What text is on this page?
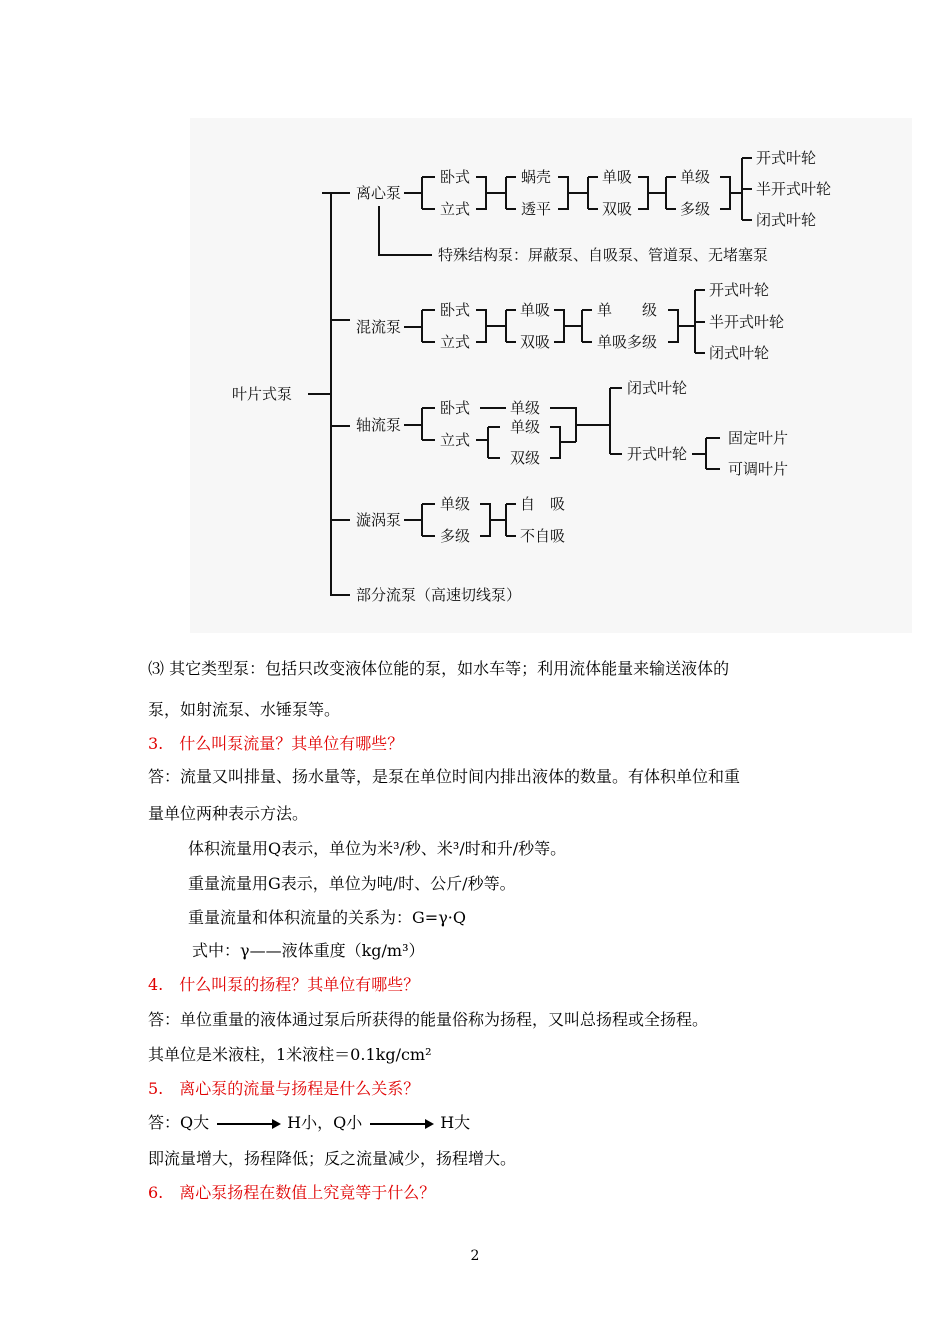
叶片式泵
离心泵
卧式
立式
蜗壳
透平
单吸
双吸
单级
多级
开式叶轮
半开式叶轮
闭式叶轮
特殊结构泵：屏蔽泵、自吸泵、管道泵、无堵塞泵
混流泵
卧式
立式
单吸
双吸
单　　级
单吸多级
开式叶轮
半开式叶轮
闭式叶轮
轴流泵
卧式
立式
单级
单级
双级
闭式叶轮
开式叶轮
固定叶片
可调叶片
漩涡泵
单级
多级
自　吸
不自吸
部分流泵（高速切线泵）

⑶ 其它类型泵：包括只改变液体位能的泵，如水车等；利用流体能量来输送液体的

泵，如射流泵、水锤泵等。

3.　什么叫泵流量？其单位有哪些？

答：流量又叫排量、扬水量等，是泵在单位时间内排出液体的数量。有体积单位和重

量单位两种表示方法。

体积流量用Q表示，单位为米³/秒、米³/时和升/秒等。

重量流量用G表示，单位为吨/时、公斤/秒等。

重量流量和体积流量的关系为：G=γ·Q

式中：γ——液体重度（kg/m³）

4.　什么叫泵的扬程？其单位有哪些？

答：单位重量的液体通过泵后所获得的能量俗称为扬程，又叫总扬程或全扬程。

其单位是米液柱，1米液柱＝0.1kg/cm²

5.　离心泵的流量与扬程是什么关系？

答：Q大	H小，Q小	H大

即流量增大，扬程降低；反之流量减少，扬程增大。

6.　离心泵扬程在数值上究竟等于什么？

2
